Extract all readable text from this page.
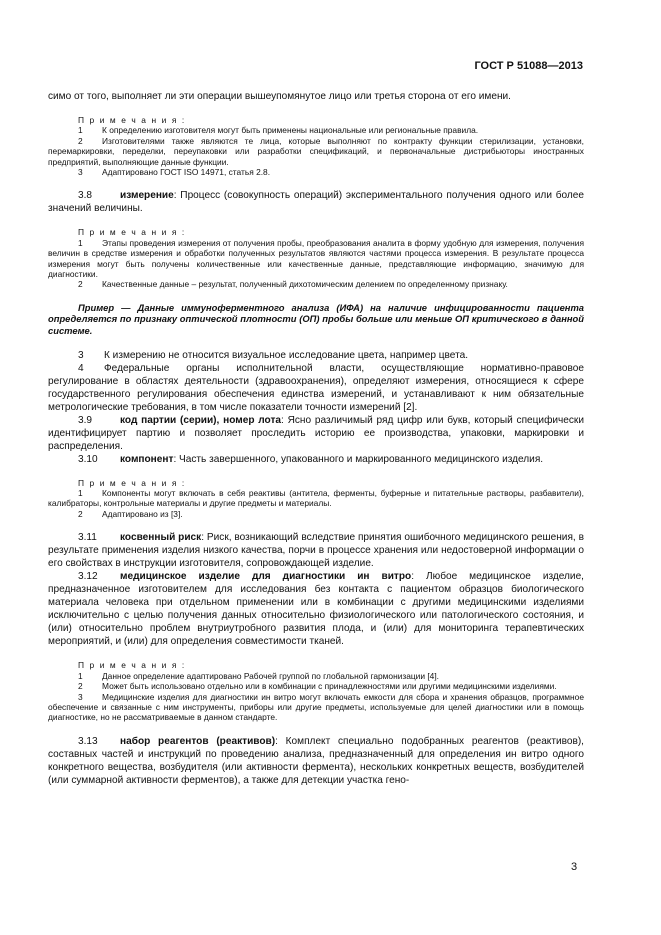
ГОСТ Р 51088—2013

симо от того, выполняет ли эти операции вышеупомянутое лицо или третья сторона от его имени.

П р и м е ч а н и я :

1 К определению изготовителя могут быть применены национальные или региональные правила.

2 Изготовителями также являются те лица, которые выполняют по контракту функции стерилизации, установки, перемаркировки, переделки, переупаковки или разработки спецификаций, и первоначальные дистрибьюторы иностранных предприятий, выполняющие данные функции.

3 Адаптировано ГОСТ ISO 14971, статья 2.8.

3.8	измерение: Процесс (совокупность операций) экспериментального получения одного или более значений величины.

П р и м е ч а н и я :

1 Этапы проведения измерения от получения пробы, преобразования аналита в форму удобную для измерения, получения величин в средстве измерения и обработки полученных результатов являются частями процесса измерения. В результате процесса измерения могут быть получены количественные или качественные данные, представляющие информацию, значимую для диагностики.

2 Качественные данные – результат, полученный дихотомическим делением по определенному признаку.

Пример — Данные иммуноферментного анализа (ИФА) на наличие инфицированности пациента определяется по признаку оптической плотности (ОП) пробы больше или меньше ОП критического в данной системе.

3 К измерению не относится визуальное исследование цвета, например цвета.

4 Федеральные органы исполнительной власти, осуществляющие нормативно-правовое регулирование в областях деятельности (здравоохранения), определяют измерения, относящиеся к сфере государственного регулирования обеспечения единства измерений, и устанавливают к ним обязательные метрологические требования, в том числе показатели точности измерений [2].

3.9	код партии (серии), номер лота: Ясно различимый ряд цифр или букв, который специфически идентифицирует партию и позволяет проследить историю ее производства, упаковки, маркировки и распределения.

3.10 компонент: Часть завершенного, упакованного и маркированного медицинского изделия.

П р и м е ч а н и я :

1 Компоненты могут включать в себя реактивы (антитела, ферменты, буферные и питательные растворы, разбавители), калибраторы, контрольные материалы и другие предметы и материалы.

2 Адаптировано из [3].

3.11 косвенный риск: Риск, возникающий вследствие принятия ошибочного медицинского решения, в результате применения изделия низкого качества, порчи в процессе хранения или недостоверной информации о его свойствах в инструкции изготовителя, сопровождающей изделие.

3.12 медицинское изделие для диагностики ин витро: Любое медицинское изделие, предназначенное изготовителем для исследования без контакта с пациентом образцов биологического материала человека при отдельном применении или в комбинации с другими медицинскими изделиями исключительно с целью получения данных относительно физиологического или патологического состояния, и (или) относительно проблем внутриутробного развития плода, и (или) для мониторинга терапевтических мероприятий, и (или) для определения совместимости тканей.

П р и м е ч а н и я :

1 Данное определение адаптировано Рабочей группой по глобальной гармонизации [4].

2 Может быть использовано отдельно или в комбинации с принадлежностями или другими медицинскими изделиями.

3 Медицинские изделия для диагностики ин витро могут включать емкости для сбора и хранения образцов, программное обеспечение и связанные с ним инструменты, приборы или другие предметы, используемые для целей диагностики или в помощь диагностике, но не рассматриваемые в данном стандарте.

3.13 набор реагентов (реактивов): Комплект специально подобранных реагентов (реактивов), составных частей и инструкций по проведению анализа, предназначенный для определения ин витро одного конкретного вещества, возбудителя (или активности фермента), нескольких конкретных веществ, возбудителей (или суммарной активности ферментов), а также для детекции участка гено-

3
